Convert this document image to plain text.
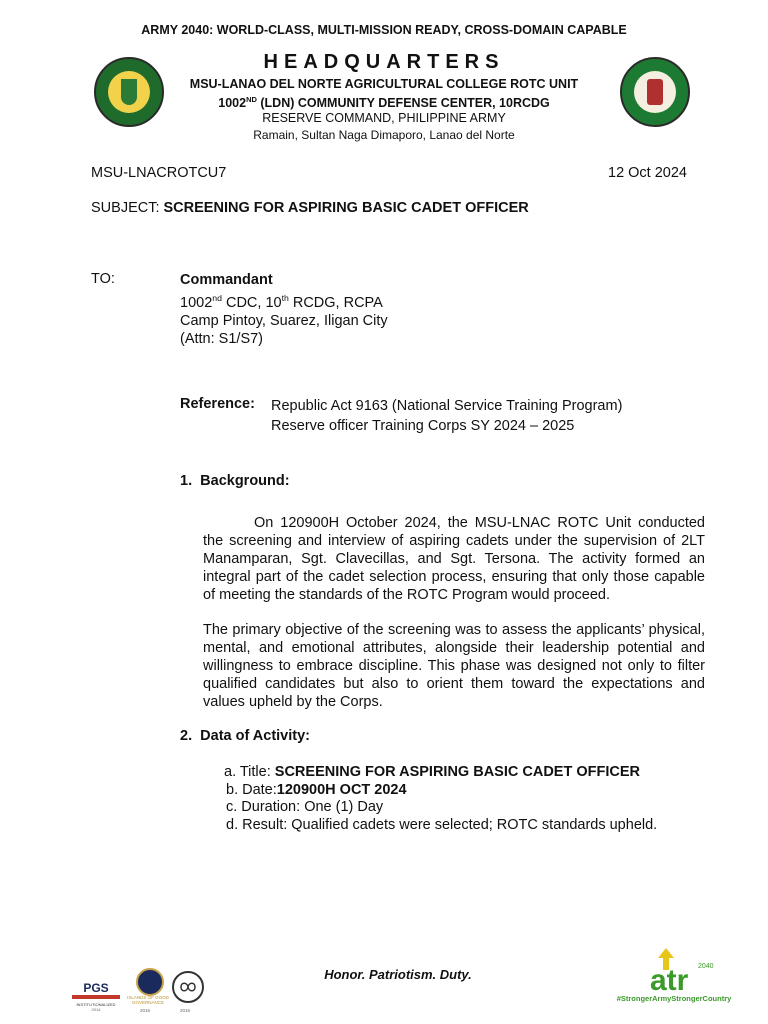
ARMY 2040: WORLD-CLASS, MULTI-MISSION READY, CROSS-DOMAIN CAPABLE
HEADQUARTERS
MSU-LANAO DEL NORTE AGRICULTURAL COLLEGE ROTC UNIT
1002ND (LDN) COMMUNITY DEFENSE CENTER, 10RCDG
RESERVE COMMAND, PHILIPPINE ARMY
Ramain, Sultan Naga Dimaporo, Lanao del Norte
MSU-LNACROTCU7	12 Oct 2024
SUBJECT: SCREENING FOR ASPIRING BASIC CADET OFFICER
TO:	Commandant
1002nd CDC, 10th RCDG, RCPA
Camp Pintoy, Suarez, Iligan City
(Attn: S1/S7)
Reference: Republic Act 9163 (National Service Training Program)
Reserve officer Training Corps SY 2024 – 2025
1. Background:
On 120900H October 2024, the MSU-LNAC ROTC Unit conducted the screening and interview of aspiring cadets under the supervision of 2LT Manamparan, Sgt. Clavecillas, and Sgt. Tersona. The activity formed an integral part of the cadet selection process, ensuring that only those capable of meeting the standards of the ROTC Program would proceed.
The primary objective of the screening was to assess the applicants’ physical, mental, and emotional attributes, alongside their leadership potential and willingness to embrace discipline. This phase was designed not only to filter qualified candidates but also to orient them toward the expectations and values upheld by the Corps.
2. Data of Activity:
a. Title: SCREENING FOR ASPIRING BASIC CADET OFFICER
b. Date:120900H OCT 2024
c. Duration: One (1) Day
d. Result: Qualified cadets were selected; ROTC standards upheld.
Honor. Patriotism. Duty.
PGS
INSTITUTIONALIZED
2014
ISLANDS OF GOOD GOVERNANCE
2016	2016
atr 2040
#StrongerArmyStrongerCountry
